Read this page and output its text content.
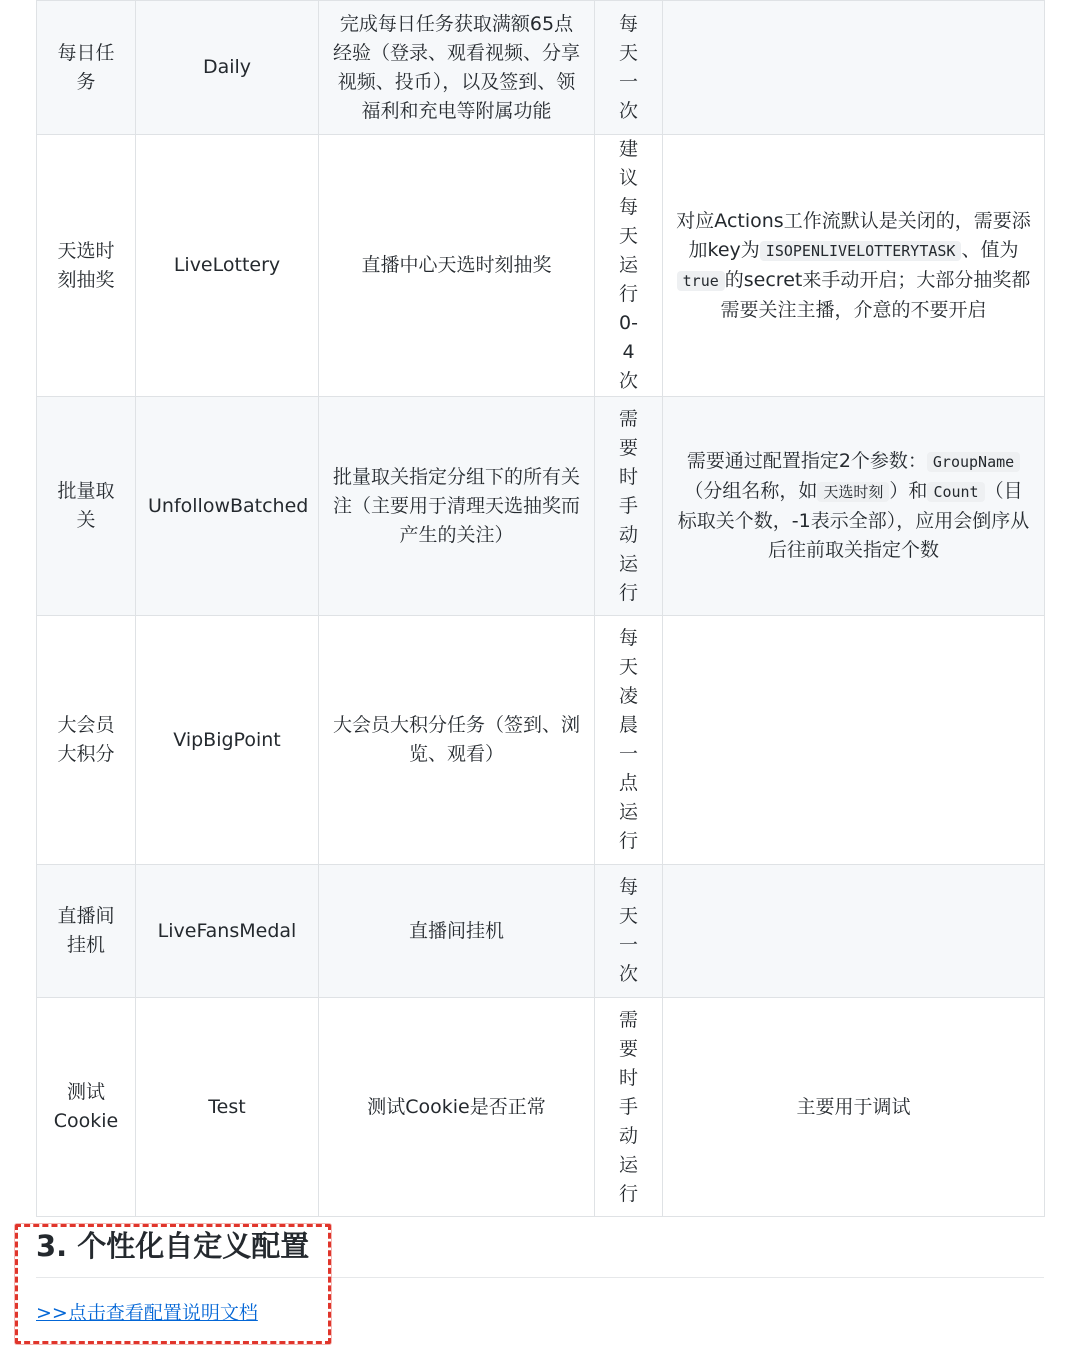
每日任务	Daily	完成每日任务获取满额65点经验（登录、观看视频、分享视频、投币），以及签到、领福利和充电等附属功能	每天一次	
天选时刻抽奖	LiveLottery	直播中心天选时刻抽奖	建议每天运行0-4次	对应Actions工作流默认是关闭的，需要添加key为 ISOPENLIVELOTTERYTASK 、值为true 的secret来手动开启；大部分抽奖都需要关注主播，介意的不要开启
批量取关	UnfollowBatched	批量取关指定分组下的所有关注（主要用于清理天选抽奖而产生的关注）	需要时手动运行	需要通过配置指定2个参数： GroupName（分组名称，如 天选时刻 ）和 Count （目标取关个数，-1表示全部），应用会倒序从后往前取关指定个数
大会员大积分	VipBigPoint	大会员大积分任务（签到、浏览、观看）	每天凌晨一点运行	
直播间挂机	LiveFansMedal	直播间挂机	每天一次	
测试Cookie	Test	测试Cookie是否正常	需要时手动运行	主要用于调试
3. 个性化自定义配置
>>点击查看配置说明文档
